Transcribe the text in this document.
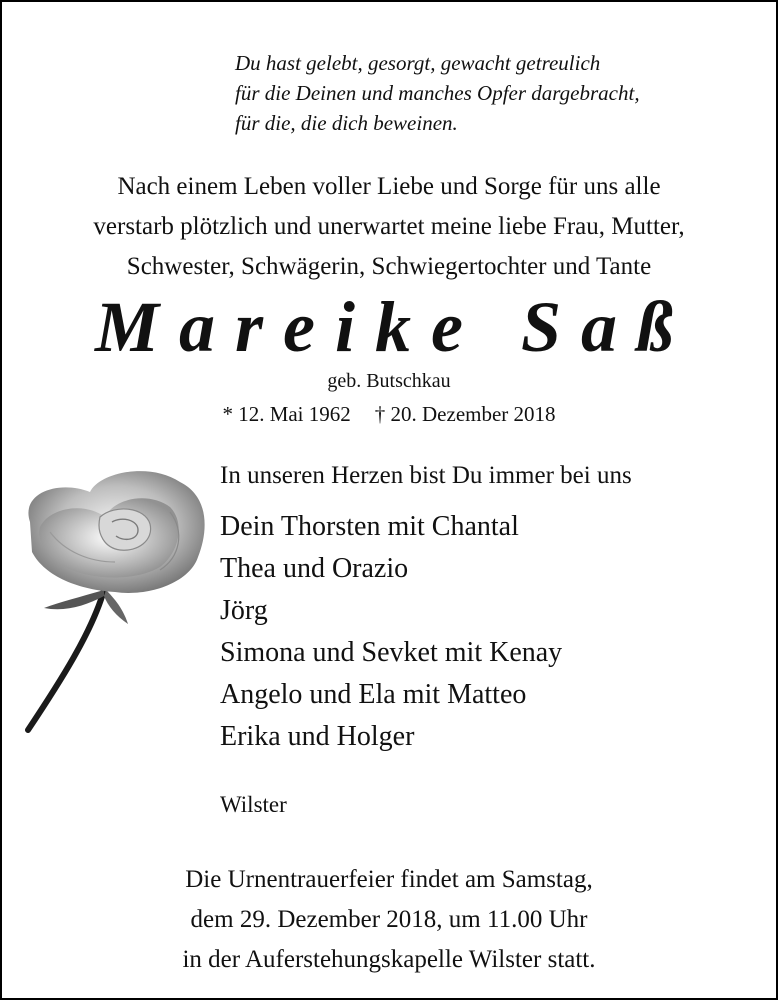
Du hast gelebt, gesorgt, gewacht getreulich
für die Deinen und manches Opfer dargebracht,
für die, die dich beweinen.
Nach einem Leben voller Liebe und Sorge für uns alle
verstarb plötzlich und unerwartet meine liebe Frau, Mutter,
Schwester, Schwägerin, Schwiegertochter und Tante
Mareike Saß
geb. Butschkau
* 12. Mai 1962 † 20. Dezember 2018
In unseren Herzen bist Du immer bei uns
Dein Thorsten mit Chantal
Thea und Orazio
Jörg
Simona und Sevket mit Kenay
Angelo und Ela mit Matteo
Erika und Holger
Wilster
Die Urnentrauerfeier findet am Samstag,
dem 29. Dezember 2018, um 11.00 Uhr
in der Auferstehungskapelle Wilster statt.
